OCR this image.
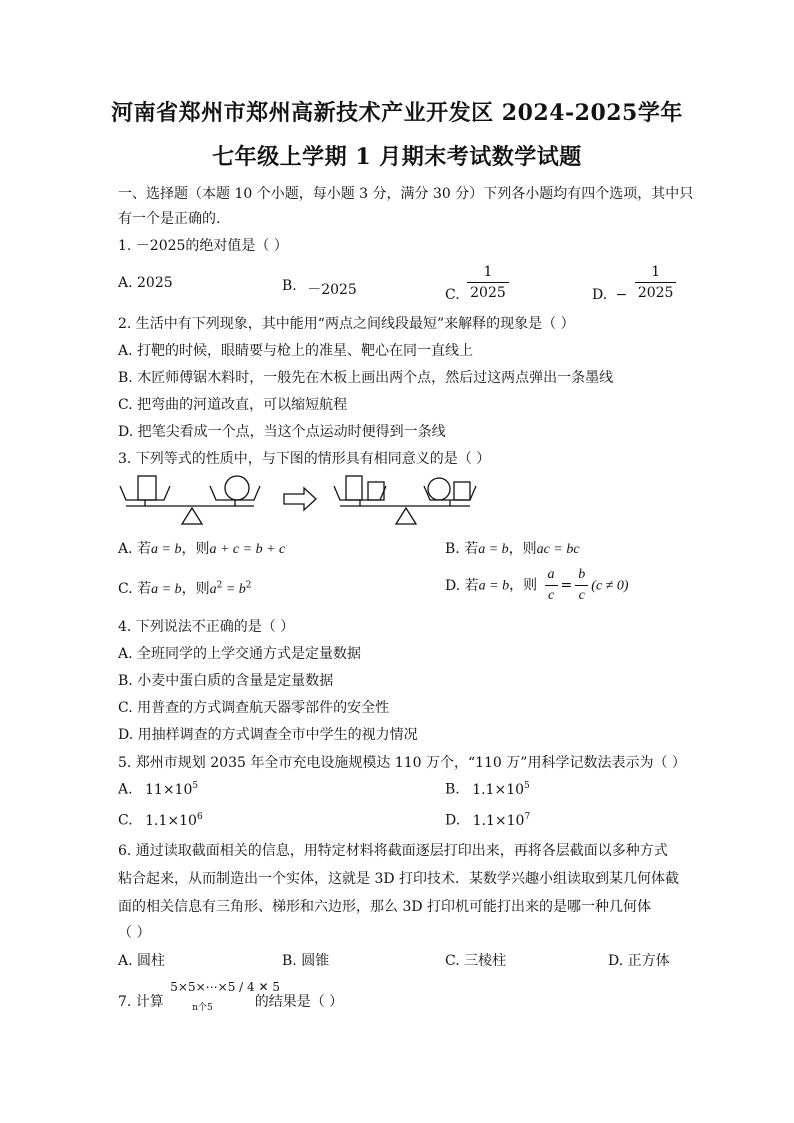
河南省郑州市郑州高新技术产业开发区 2024-2025学年
七年级上学期 1 月期末考试数学试题
一、选择题（本题 10 个小题，每小题 3 分，满分 30 分）下列各小题均有四个选项，其中只
有一个是正确的.
1. －2025的绝对值是（ ）
A. 2025	B. －2025	C. $\frac{1}{2025}$	D. − $\frac{1}{2025}$
2. 生活中有下列现象，其中能用“两点之间线段最短”来解释的现象是（ ）
A. 打靶的时候，眼睛要与枪上的准星、靶心在同一直线上
B. 木匠师傅锯木料时，一般先在木板上画出两个点，然后过这两点弹出一条墨线
C. 把弯曲的河道改直，可以缩短航程
D. 把笔尖看成一个点，当这个点运动时便得到一条线
3. 下列等式的性质中，与下图的情形具有相同意义的是（ ）
A. 若a = b，则a + c = b + c	B. 若a = b，则ac = bc
C. 若a = b，则$a^2 = b^2$	D. 若a = b，则 $\frac{a}{c} = \frac{b}{c} (c \ne 0)$
4. 下列说法不正确的是（ ）
A. 全班同学的上学交通方式是定量数据
B. 小麦中蛋白质的含量是定量数据
C. 用普查的方式调查航天器零部件的安全性
D. 用抽样调查的方式调查全市中学生的视力情况
5. 郑州市规划 2035 年全市充电设施规模达 110 万个，“110 万”用科学记数法表示为（ ）
A. $11\times 10^5$	B. $1.1\times 10^5$
C. $1.1\times 10^6$	D. $1.1\times 10^7$
6. 通过读取截面相关的信息，用特定材料将截面逐层打印出来，再将各层截面以多种方式
粘合起来，从而制造出一个实体，这就是 3D 打印技术．某数学兴趣小组读取到某几何体截
面的相关信息有三角形、梯形和六边形，那么 3D 打印机可能打出来的是哪一种几何体
（ ）
A. 圆柱	B. 圆锥	C. 三棱柱	D. 正方体
7. 计算
5×5×⋯×5 / 4 ✕ 5
n个5	的结果是（ ）
